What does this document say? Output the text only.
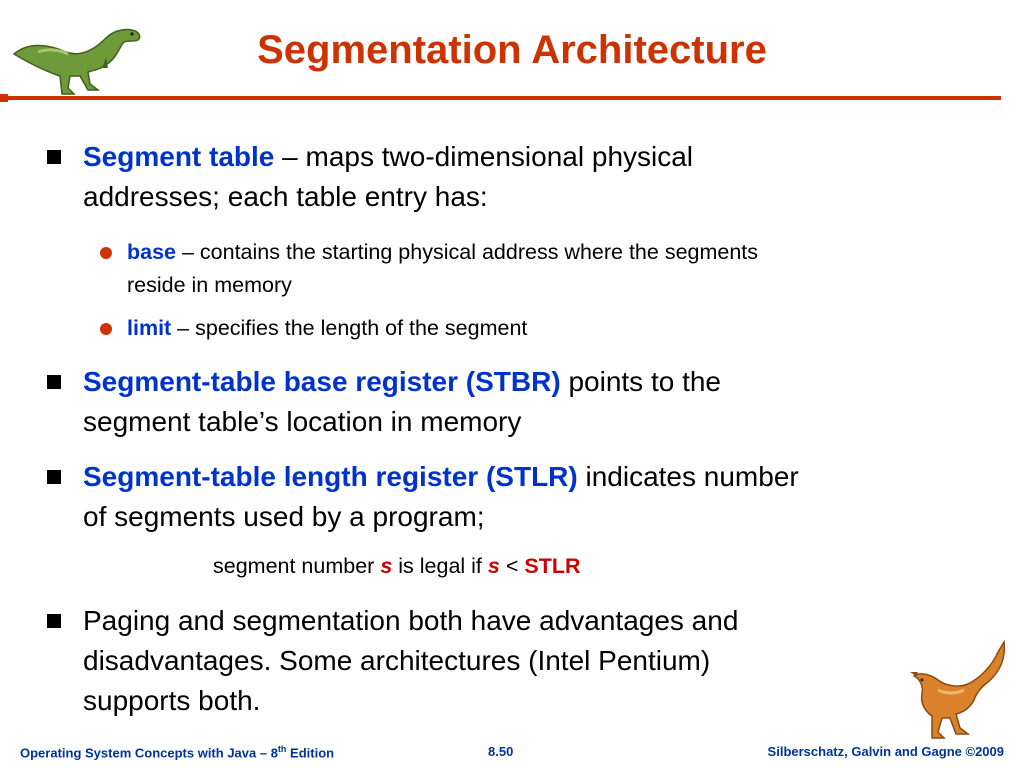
Segmentation Architecture
Segment table – maps two-dimensional physical
addresses; each table entry has:
base – contains the starting physical address where the segments
reside in memory
limit – specifies the length of the segment
Segment-table base register (STBR) points to the
segment table’s location in memory
Segment-table length register (STLR) indicates number
of segments used by a program;
segment number s is legal if s < STLR
Paging and segmentation both have advantages and
disadvantages. Some architectures (Intel Pentium)
supports both.
Operating System Concepts with Java – 8th Edition	8.50	Silberschatz, Galvin and Gagne ©2009
